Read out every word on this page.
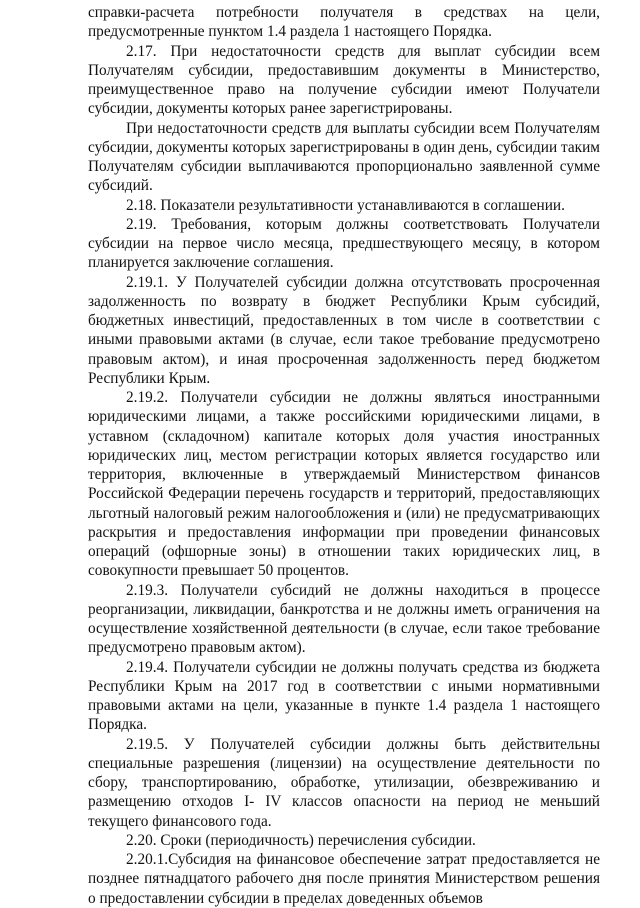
справки-расчета потребности получателя в средствах на цели, предусмотренные пунктом 1.4 раздела 1 настоящего Порядка.

2.17. При недостаточности средств для выплат субсидии всем Получателям субсидии, предоставившим документы в Министерство, преимущественное право на получение субсидии имеют Получатели субсидии, документы которых ранее зарегистрированы.

При недостаточности средств для выплаты субсидии всем Получателям субсидии, документы которых зарегистрированы в один день, субсидии таким Получателям субсидии выплачиваются пропорционально заявленной сумме субсидий.

2.18. Показатели результативности устанавливаются в соглашении.

2.19. Требования, которым должны соответствовать Получатели субсидии на первое число месяца, предшествующего месяцу, в котором планируется заключение соглашения.

2.19.1. У Получателей субсидии должна отсутствовать просроченная задолженность по возврату в бюджет Республики Крым субсидий, бюджетных инвестиций, предоставленных в том числе в соответствии с иными правовыми актами (в случае, если такое требование предусмотрено правовым актом), и иная просроченная задолженность перед бюджетом Республики Крым.

2.19.2. Получатели субсидии не должны являться иностранными юридическими лицами, а также российскими юридическими лицами, в уставном (складочном) капитале которых доля участия иностранных юридических лиц, местом регистрации которых является государство или территория, включенные в утверждаемый Министерством финансов Российской Федерации перечень государств и территорий, предоставляющих льготный налоговый режим налогообложения и (или) не предусматривающих раскрытия и предоставления информации при проведении финансовых операций (офшорные зоны) в отношении таких юридических лиц, в совокупности превышает 50 процентов.

2.19.3. Получатели субсидий не должны находиться в процессе реорганизации, ликвидации, банкротства и не должны иметь ограничения на осуществление хозяйственной деятельности (в случае, если такое требование предусмотрено правовым актом).

2.19.4. Получатели субсидии не должны получать средства из бюджета Республики Крым на 2017 год в соответствии с иными нормативными правовыми актами на цели, указанные в пункте 1.4 раздела 1 настоящего Порядка.

2.19.5. У Получателей субсидии должны быть действительны специальные разрешения (лицензии) на осуществление деятельности по сбору, транспортированию, обработке, утилизации, обезвреживанию и размещению отходов I- IV классов опасности на период не меньший текущего финансового года.

2.20. Сроки (периодичность) перечисления субсидии.

2.20.1.Субсидия на финансовое обеспечение затрат предоставляется не позднее пятнадцатого рабочего дня после принятия Министерством решения о предоставлении субсидии в пределах доведенных объемов
